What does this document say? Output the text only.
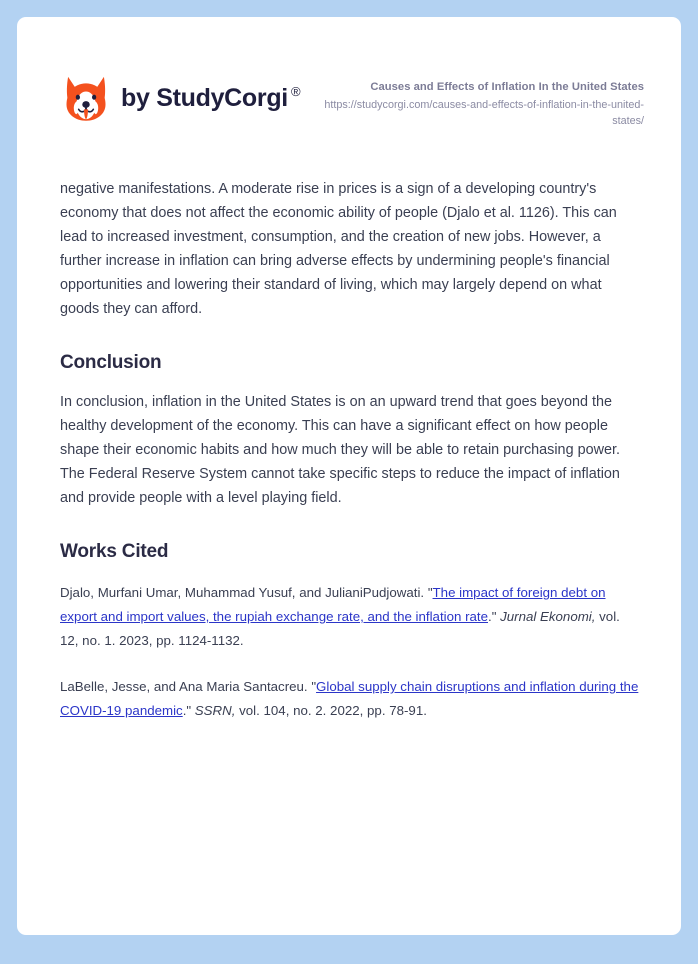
by StudyCorgi ®	Causes and Effects of Inflation In the United States
https://studycorgi.com/causes-and-effects-of-inflation-in-the-united-states/

negative manifestations. A moderate rise in prices is a sign of a developing country's economy that does not affect the economic ability of people (Djalo et al. 1126). This can lead to increased investment, consumption, and the creation of new jobs. However, a further increase in inflation can bring adverse effects by undermining people's financial opportunities and lowering their standard of living, which may largely depend on what goods they can afford.

Conclusion

In conclusion, inflation in the United States is on an upward trend that goes beyond the healthy development of the economy. This can have a significant effect on how people shape their economic habits and how much they will be able to retain purchasing power. The Federal Reserve System cannot take specific steps to reduce the impact of inflation and provide people with a level playing field.

Works Cited

Djalo, Murfani Umar, Muhammad Yusuf, and JulianiPudjowati. "The impact of foreign debt on export and import values, the rupiah exchange rate, and the inflation rate." Jurnal Ekonomi, vol. 12, no. 1. 2023, pp. 1124-1132.

LaBelle, Jesse, and Ana Maria Santacreu. "Global supply chain disruptions and inflation during the COVID-19 pandemic." SSRN, vol. 104, no. 2. 2022, pp. 78-91.
